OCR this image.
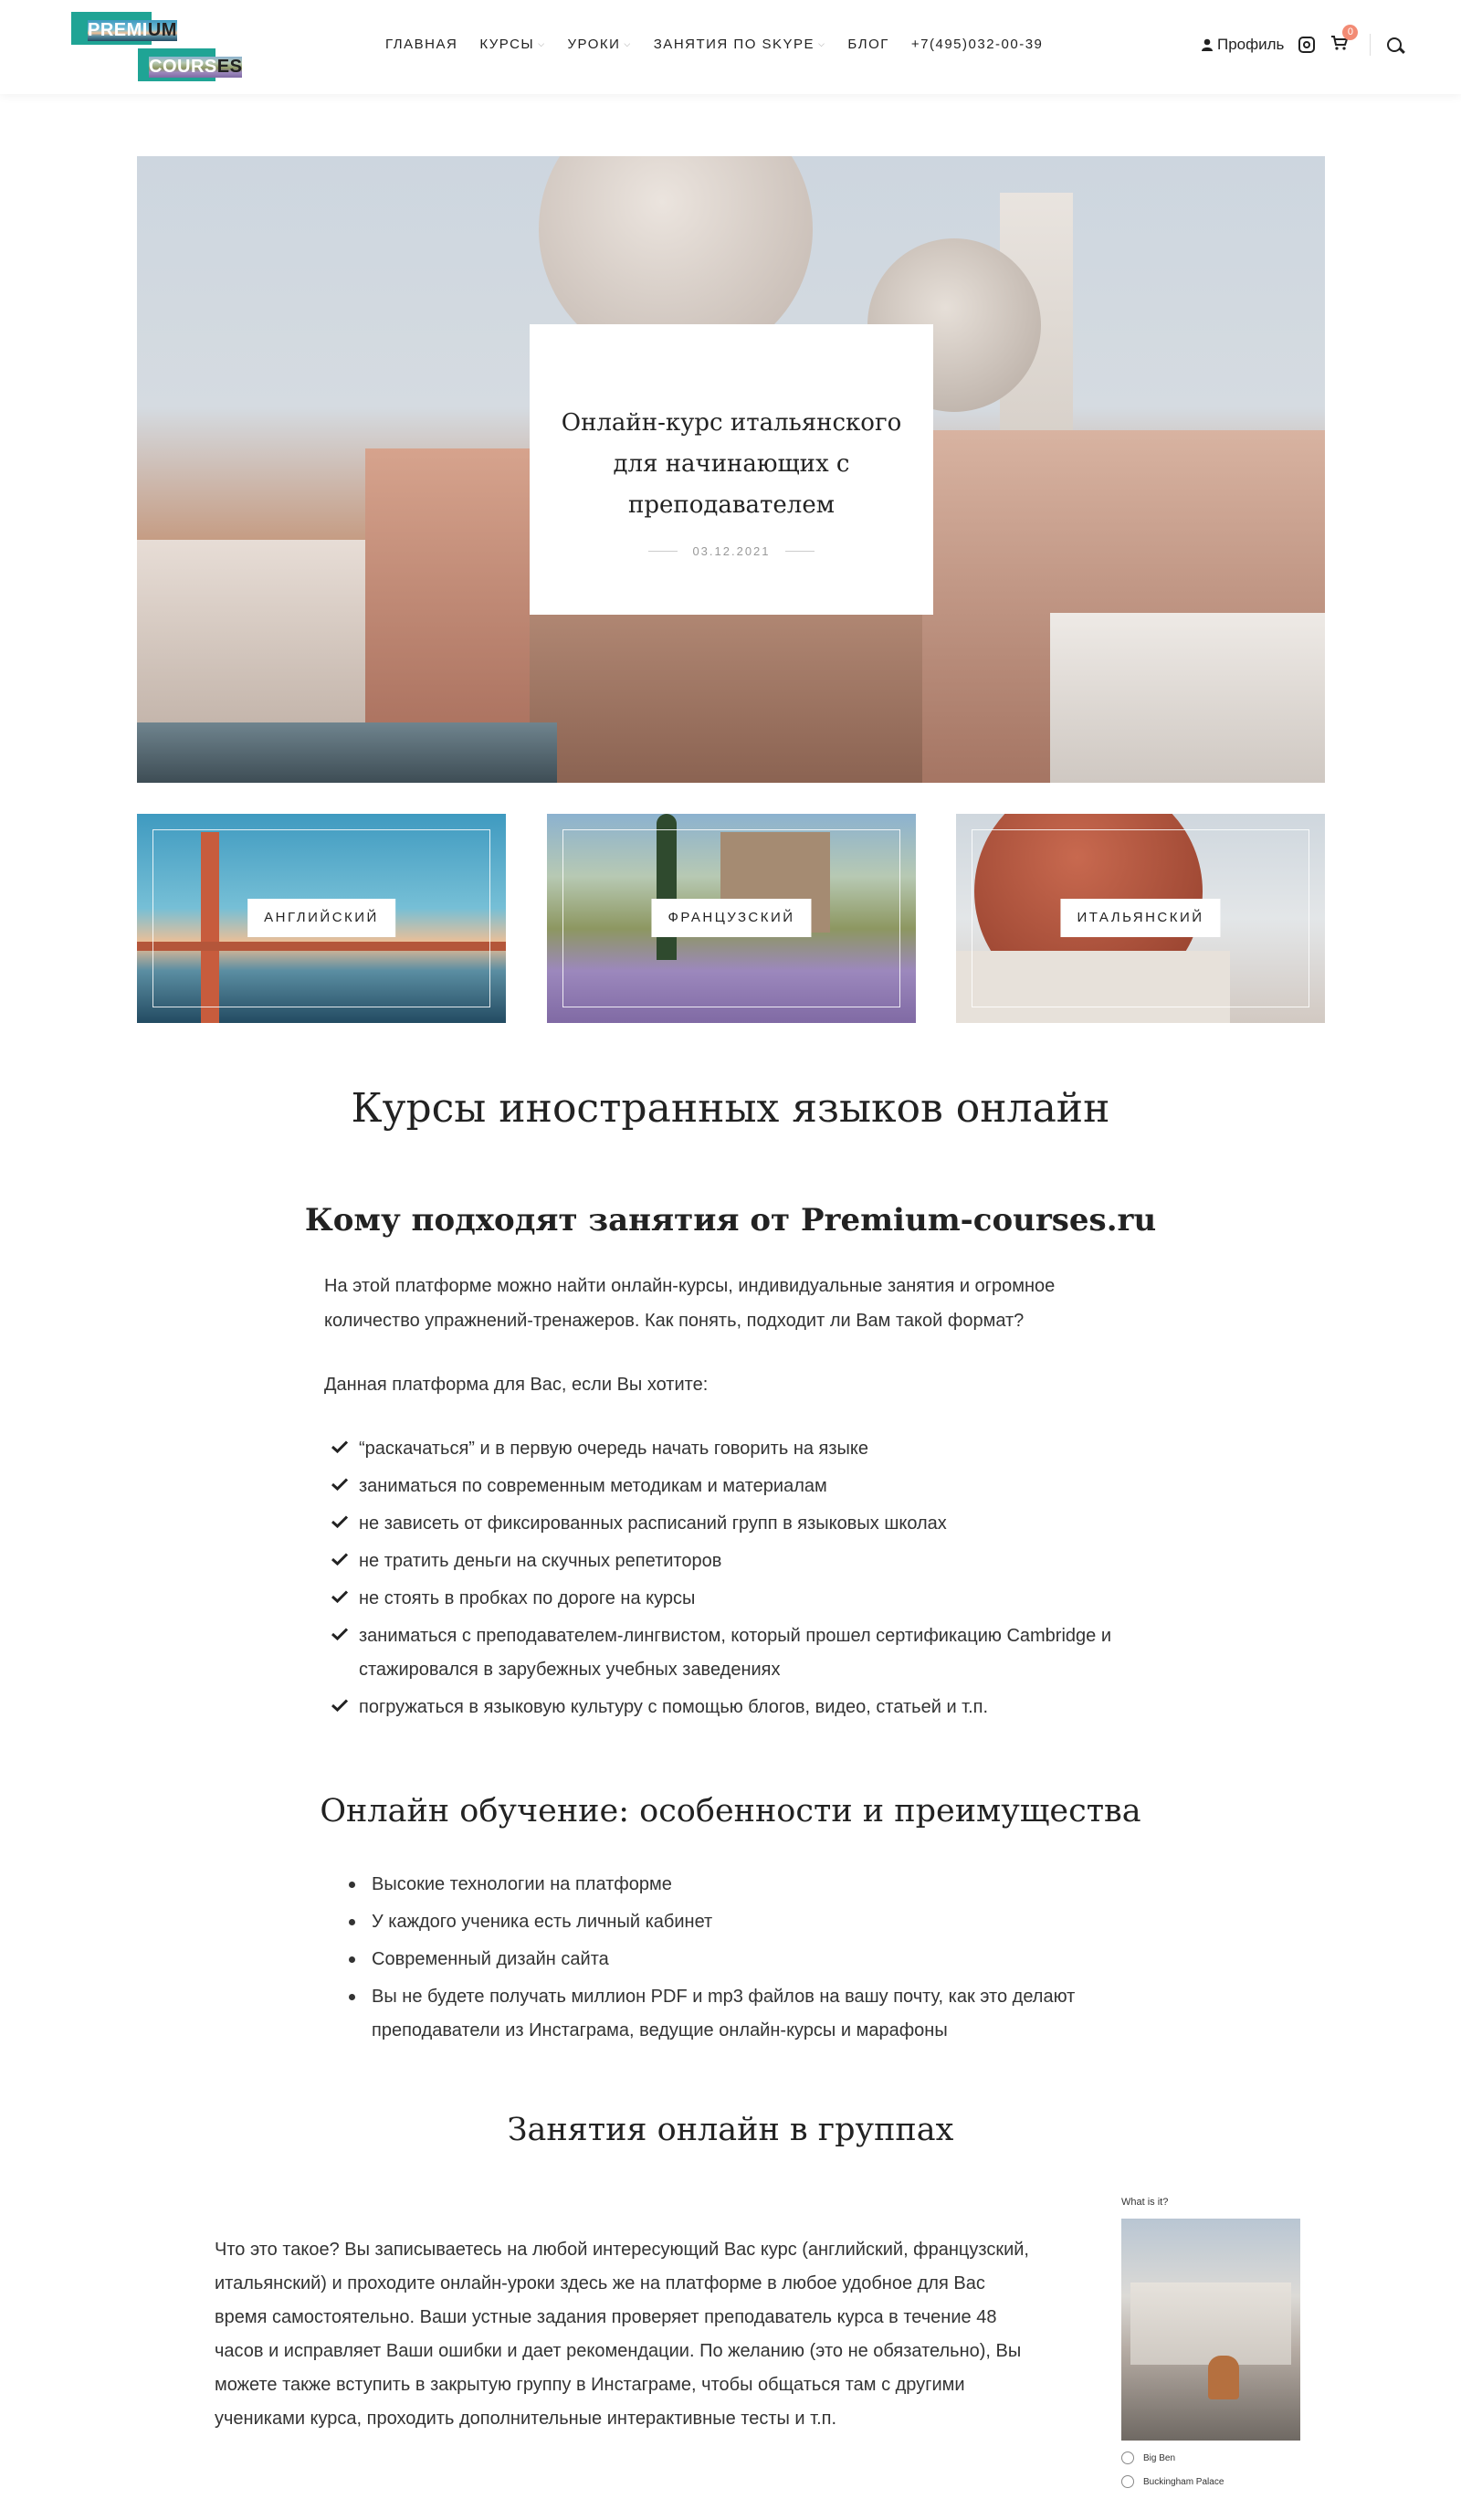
PREMIUM
COURSES
ГЛАВНАЯ КУРСЫ ⌵ УРОКИ ⌵ ЗАНЯТИЯ ПО SKYPE ⌵ БЛОГ +7(495)032-00-39	Профиль
0
Онлайн-курс итальянского для начинающих с преподавателем
03.12.2021
АНГЛИЙСКИЙ	ФРАНЦУЗСКИЙ	ИТАЛЬЯНСКИЙ
Курсы иностранных языков онлайн
Кому подходят занятия от Premium-courses.ru
На этой платформе можно найти онлайн-курсы, индивидуальные занятия и огромное количество упражнений-тренажеров. Как понять, подходит ли Вам такой формат?
Данная платформа для Вас, если Вы хотите:
“раскачаться” и в первую очередь начать говорить на языке
заниматься по современным методикам и материалам
не зависеть от фиксированных расписаний групп в языковых школах
не тратить деньги на скучных репетиторов
не стоять в пробках по дороге на курсы
заниматься с преподавателем-лингвистом, который прошел сертификацию Cambridge и стажировался в зарубежных учебных заведениях
погружаться в языковую культуру с помощью блогов, видео, статьей и т.п.
Онлайн обучение: особенности и преимущества
Высокие технологии на платформе
У каждого ученика есть личный кабинет
Современный дизайн сайта
Вы не будете получать миллион PDF и mp3 файлов на вашу почту, как это делают преподаватели из Инстаграма, ведущие онлайн-курсы и марафоны
Занятия онлайн в группах
Что это такое? Вы записываетесь на любой интересующий Вас курс (английский, французский, итальянский) и проходите онлайн-уроки здесь же на платформе в любое удобное для Вас время самостоятельно. Ваши устные задания проверяет преподаватель курса в течение 48 часов и исправляет Ваши ошибки и дает рекомендации. По желанию (это не обязательно), Вы можете также вступить в закрытую группу в Инстаграме, чтобы общаться там с другими учениками курса, проходить дополнительные интерактивные тесты и т.п.
What is it?
Big Ben
Buckingham Palace
